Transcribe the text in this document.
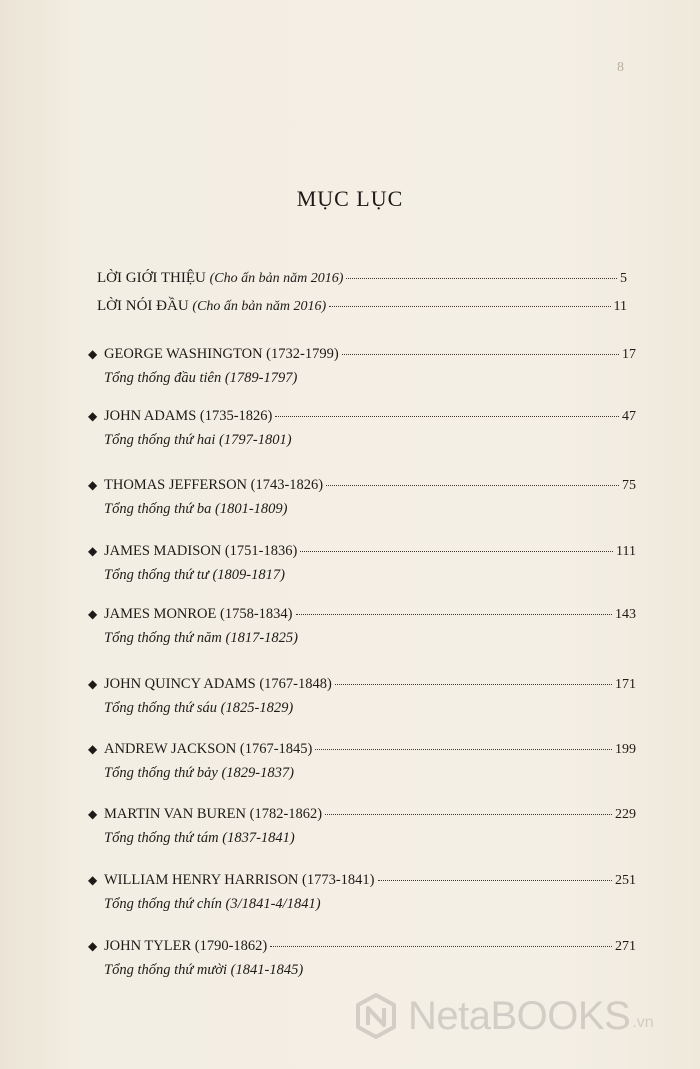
8
MỤC LỤC
LỜI GIỚI THIỆU (Cho ấn bản năm 2016)	5
LỜI NÓI ĐẦU (Cho ấn bản năm 2016)	11
◆
GEORGE WASHINGTON (1732-1799)	17
Tổng thống đầu tiên (1789-1797)
◆
JOHN ADAMS (1735-1826)	47
Tổng thống thứ hai (1797-1801)
◆
THOMAS JEFFERSON (1743-1826)	75
Tổng thống thứ ba (1801-1809)
◆
JAMES MADISON (1751-1836)	111
Tổng thống thứ tư (1809-1817)
◆
JAMES MONROE (1758-1834)	143
Tổng thống thứ năm (1817-1825)
◆
JOHN QUINCY ADAMS (1767-1848)	171
Tổng thống thứ sáu (1825-1829)
◆
ANDREW JACKSON (1767-1845)	199
Tổng thống thứ bảy (1829-1837)
◆
MARTIN VAN BUREN (1782-1862)	229
Tổng thống thứ tám (1837-1841)
◆
WILLIAM HENRY HARRISON (1773-1841)	251
Tổng thống thứ chín (3/1841-4/1841)
◆
JOHN TYLER (1790-1862)	271
Tổng thống thứ mười (1841-1845)
NetaBOOKS .vn
